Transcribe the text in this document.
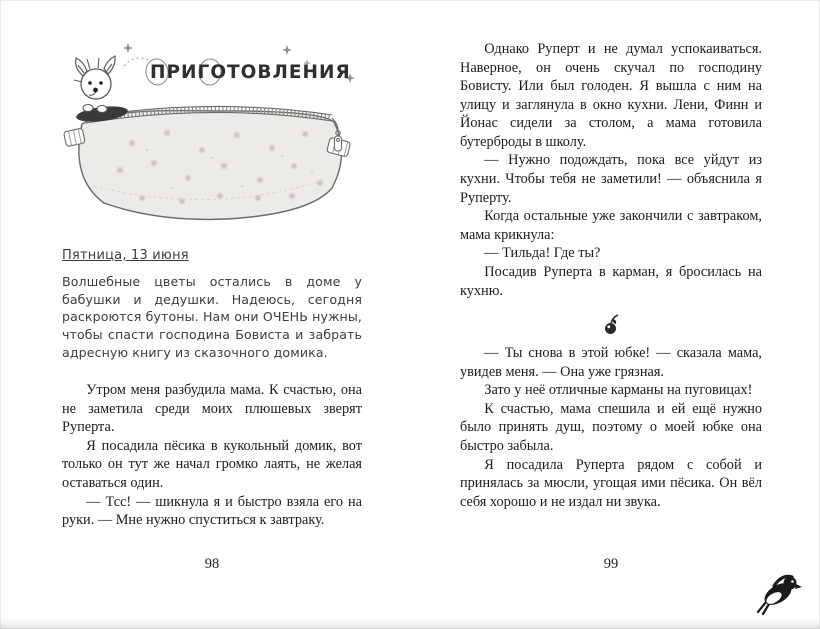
ПРИГОТОВЛЕНИЯ
Пятница, 13 июня

Волшебные цветы остались в доме у бабушки и дедушки. Надеюсь, сегодня раскроются бутоны. Нам они ОЧЕНЬ нужны, чтобы спасти господина Бовиста и забрать адресную книгу из сказочного домика.

Утром меня разбудила мама. К счастью, она не заметила среди моих плюшевых зверят Руперта.

Я посадила пёсика в кукольный домик, вот только он тут же начал громко лаять, не желая оставаться один.

— Тсс! — шикнула я и быстро взяла его на руки. — Мне нужно спуститься к завтраку.

Однако Руперт и не думал успокаиваться. Наверное, он очень скучал по господину Бовисту. Или был голоден. Я вышла с ним на улицу и заглянула в окно кухни. Лени, Финн и Йонас сидели за столом, а мама готовила бутерброды в школу.

— Нужно подождать, пока все уйдут из кухни. Чтобы тебя не заметили! — объяснила я Руперту.

Когда остальные уже закончили с завтраком, мама крикнула:

— Тильда! Где ты?

Посадив Руперта в карман, я бросилась на кухню.

— Ты снова в этой юбке! — сказала мама, увидев меня. — Она уже грязная.

Зато у неё отличные карманы на пуговицах!

К счастью, мама спешила и ей ещё нужно было принять душ, поэтому о моей юбке она быстро забыла.

Я посадила Руперта рядом с собой и принялась за мюсли, угощая ими пёсика. Он вёл себя хорошо и не издал ни звука.

98	99
